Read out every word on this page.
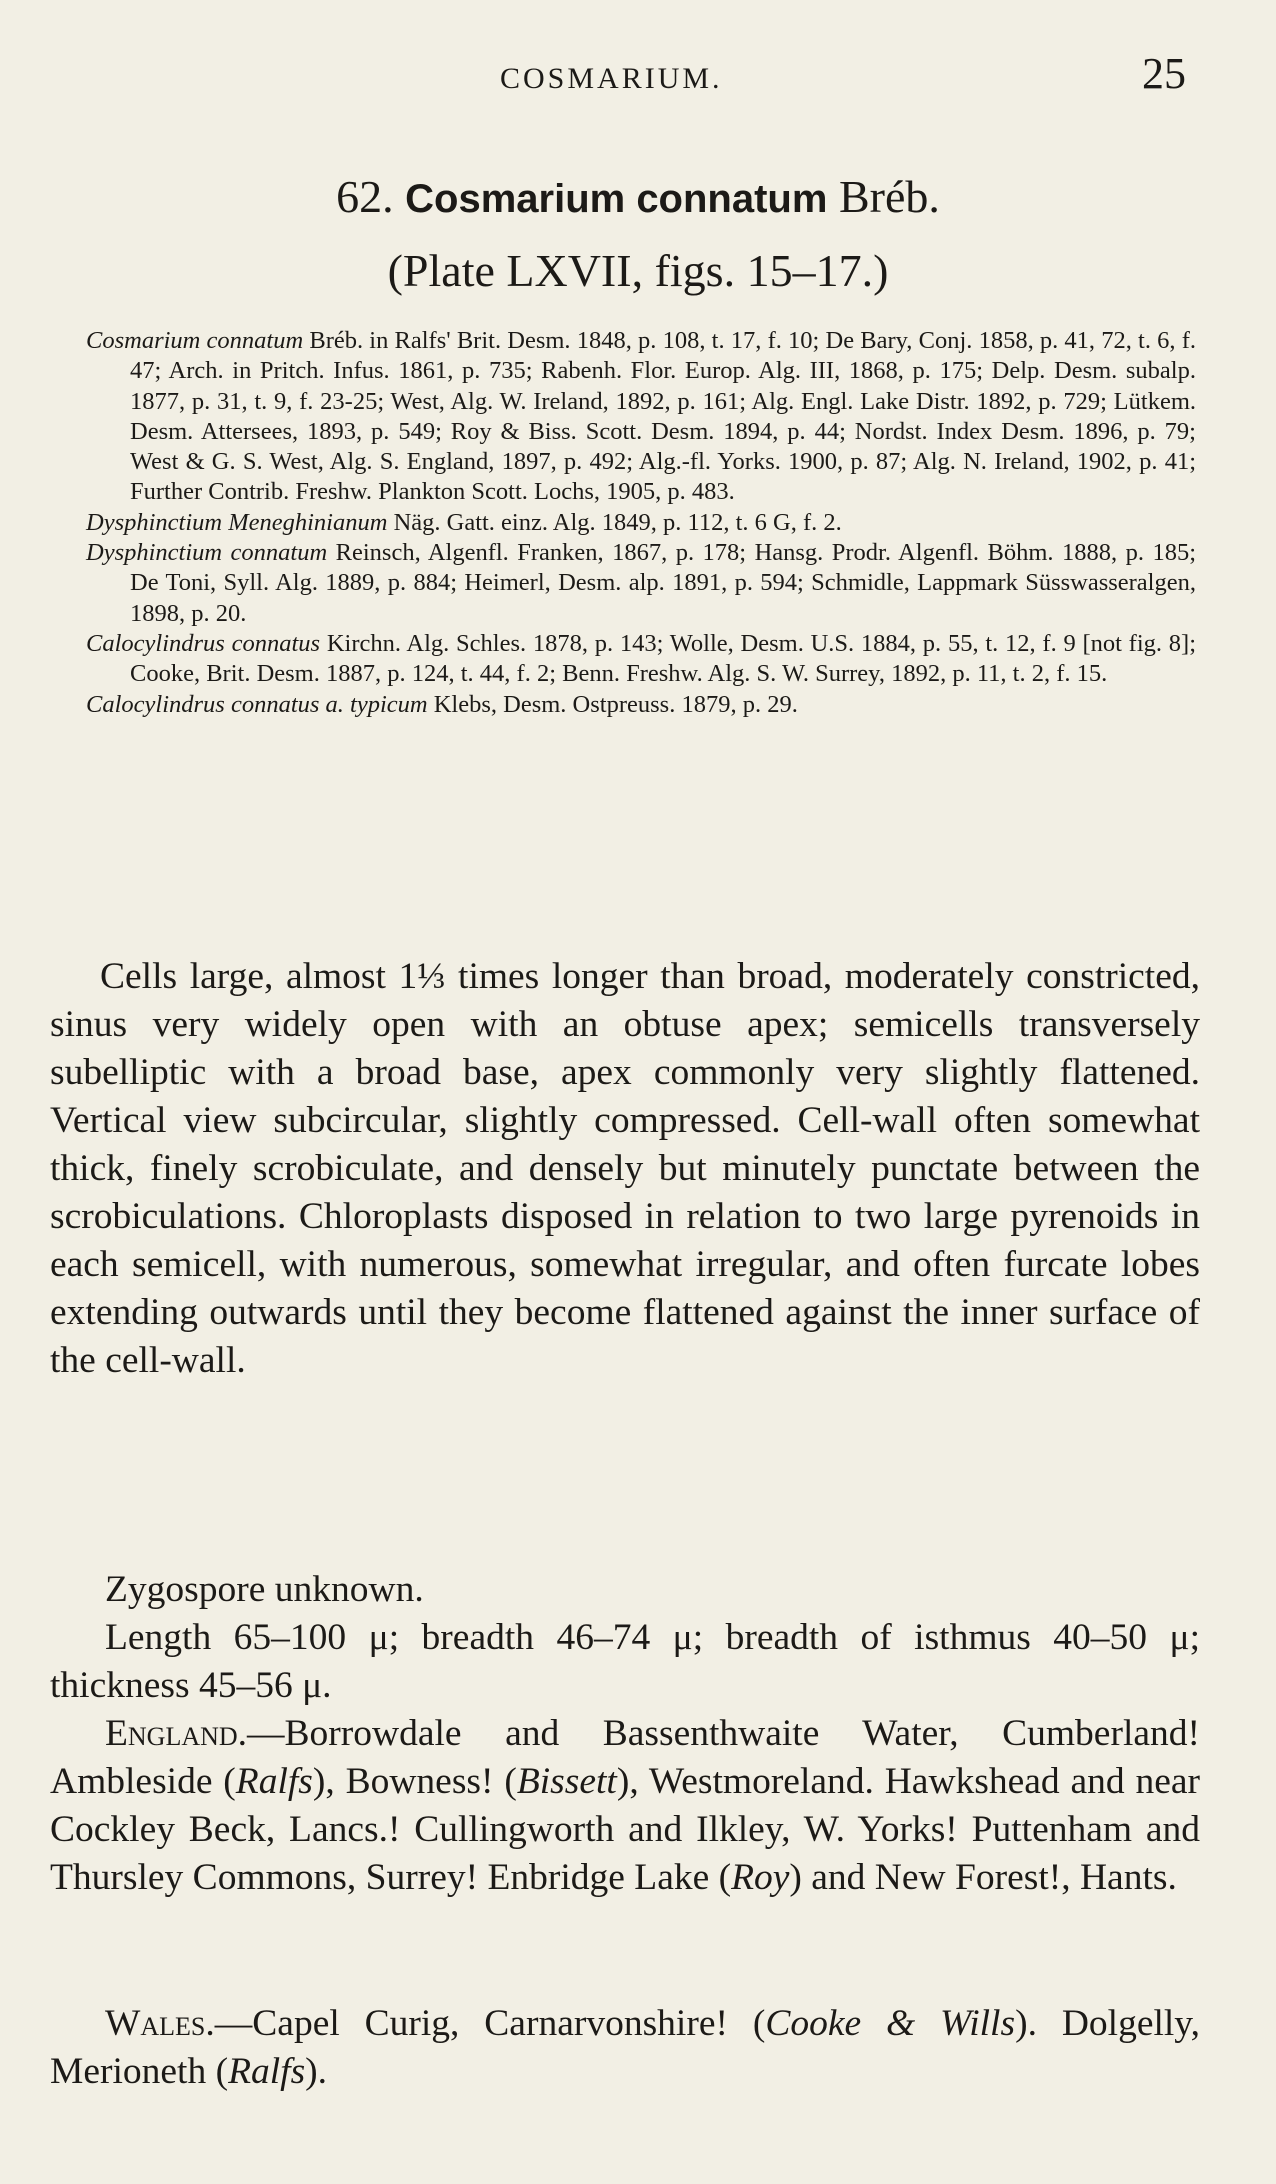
COSMARIUM.	25
62. Cosmarium connatum Bréb.
(Plate LXVII, figs. 15–17.)

Cosmarium connatum Bréb. in Ralfs' Brit. Desm. 1848, p. 108, t. 17, f. 10; De Bary, Conj. 1858, p. 41, 72, t. 6, f. 47; Arch. in Pritch. Infus. 1861, p. 735; Rabenh. Flor. Europ. Alg. III, 1868, p. 175; Delp. Desm. subalp. 1877, p. 31, t. 9, f. 23-25; West, Alg. W. Ireland, 1892, p. 161; Alg. Engl. Lake Distr. 1892, p. 729; Lütkem. Desm. Attersees, 1893, p. 549; Roy & Biss. Scott. Desm. 1894, p. 44; Nordst. Index Desm. 1896, p. 79; West & G. S. West, Alg. S. England, 1897, p. 492; Alg.-fl. Yorks. 1900, p. 87; Alg. N. Ireland, 1902, p. 41; Further Contrib. Freshw. Plankton Scott. Lochs, 1905, p. 483.

Dysphinctium Meneghinianum Näg. Gatt. einz. Alg. 1849, p. 112, t. 6 G, f. 2.

Dysphinctium connatum Reinsch, Algenfl. Franken, 1867, p. 178; Hansg. Prodr. Algenfl. Böhm. 1888, p. 185; De Toni, Syll. Alg. 1889, p. 884; Heimerl, Desm. alp. 1891, p. 594; Schmidle, Lappmark Süsswasseralgen, 1898, p. 20.

Calocylindrus connatus Kirchn. Alg. Schles. 1878, p. 143; Wolle, Desm. U.S. 1884, p. 55, t. 12, f. 9 [not fig. 8]; Cooke, Brit. Desm. 1887, p. 124, t. 44, f. 2; Benn. Freshw. Alg. S. W. Surrey, 1892, p. 11, t. 2, f. 15.

Calocylindrus connatus a. typicum Klebs, Desm. Ostpreuss. 1879, p. 29.

Cells large, almost 1⅓ times longer than broad, moderately constricted, sinus very widely open with an obtuse apex; semicells transversely subelliptic with a broad base, apex commonly very slightly flattened. Vertical view subcircular, slightly compressed. Cell-wall often somewhat thick, finely scrobiculate, and densely but minutely punctate between the scrobiculations. Chloroplasts disposed in relation to two large pyrenoids in each semicell, with numerous, somewhat irregular, and often furcate lobes extending outwards until they become flattened against the inner surface of the cell-wall.

Zygospore unknown.

Length 65–100 μ; breadth 46–74 μ; breadth of isthmus 40–50 μ; thickness 45–56 μ.

England.—Borrowdale and Bassenthwaite Water, Cumberland! Ambleside (Ralfs), Bowness! (Bissett), Westmoreland. Hawkshead and near Cockley Beck, Lancs.! Cullingworth and Ilkley, W. Yorks! Puttenham and Thursley Commons, Surrey! Enbridge Lake (Roy) and New Forest!, Hants.

Wales.—Capel Curig, Carnarvonshire! (Cooke & Wills). Dolgelly, Merioneth (Ralfs).
